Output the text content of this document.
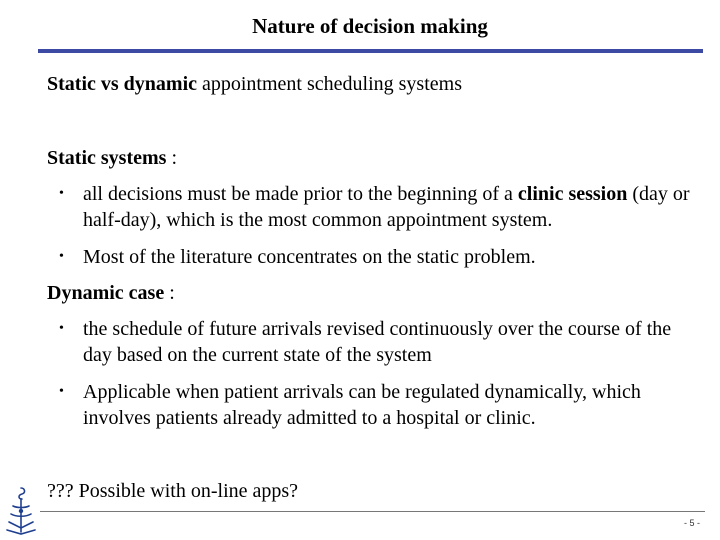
Nature of decision making
Static vs dynamic appointment scheduling systems
Static systems :
• all decisions must be made prior to the beginning of a clinic session (day or half-day), which is the most common appointment system.
• Most of the literature concentrates on the static problem.
Dynamic case :
• the schedule of future arrivals revised continuously over the course of the day based on the current state of the system
• Applicable when patient arrivals can be regulated dynamically, which involves patients already admitted to a hospital or clinic.
??? Possible with on-line apps?
- 5 -
